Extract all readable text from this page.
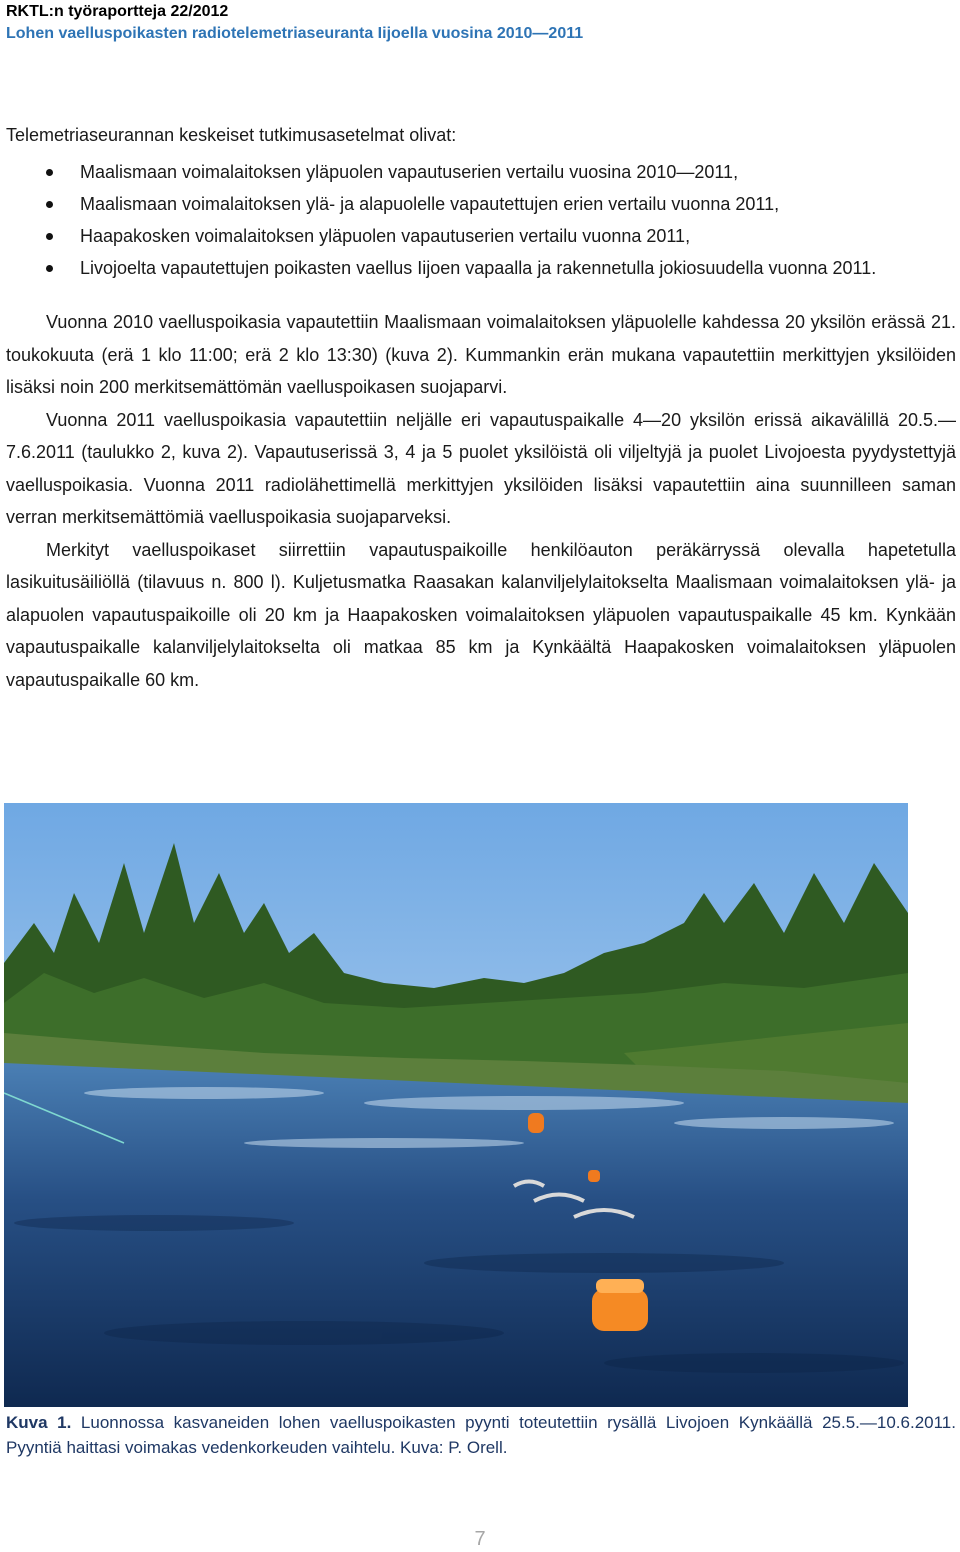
RKTL:n työraportteja 22/2012
Lohen vaelluspoikasten radiotelemetriaseuranta Iijoella vuosina 2010—2011

Telemetriaseurannan keskeiset tutkimusasetelmat olivat:

Maalismaan voimalaitoksen yläpuolen vapautuserien vertailu vuosina 2010—2011,
Maalismaan voimalaitoksen ylä- ja alapuolelle vapautettujen erien vertailu vuonna 2011,
Haapakosken voimalaitoksen yläpuolen vapautuserien vertailu vuonna 2011,
Livojoelta vapautettujen poikasten vaellus Iijoen vapaalla ja rakennetulla jokiosuudella vuonna 2011.

Vuonna 2010 vaelluspoikasia vapautettiin Maalismaan voimalaitoksen yläpuolelle kahdessa 20 yksilön erässä 21. toukokuuta (erä 1 klo 11:00; erä 2 klo 13:30) (kuva 2). Kummankin erän mukana vapautettiin merkittyjen yksilöiden lisäksi noin 200 merkitsemättömän vaelluspoikasen suojaparvi.

Vuonna 2011 vaelluspoikasia vapautettiin neljälle eri vapautuspaikalle 4—20 yksilön erissä aikavälillä 20.5.—7.6.2011 (taulukko 2, kuva 2). Vapautuserissä 3, 4 ja 5 puolet yksilöistä oli viljeltyjä ja puolet Livojoesta pyydystettyjä vaelluspoikasia. Vuonna 2011 radiolähettimellä merkittyjen yksilöiden lisäksi vapautettiin aina suunnilleen saman verran merkitsemättömiä vaelluspoikasia suojaparveksi.

Merkityt vaelluspoikaset siirrettiin vapautuspaikoille henkilöauton peräkärryssä olevalla hapetetulla lasikuitusäiliöllä (tilavuus n. 800 l). Kuljetusmatka Raasakan kalanviljelylaitokselta Maalismaan voimalaitoksen ylä- ja alapuolen vapautuspaikoille oli 20 km ja Haapakosken voimalaitoksen yläpuolen vapautuspaikalle 45 km. Kynkään vapautuspaikalle kalanviljelylaitokselta oli matkaa 85 km ja Kynkäältä Haapakosken voimalaitoksen yläpuolen vapautuspaikalle 60 km.

Kuva 1. Luonnossa kasvaneiden lohen vaelluspoikasten pyynti toteutettiin rysällä Livojoen Kynkäällä 25.5.—10.6.2011. Pyyntiä haittasi voimakas vedenkorkeuden vaihtelu. Kuva: P. Orell.
7
